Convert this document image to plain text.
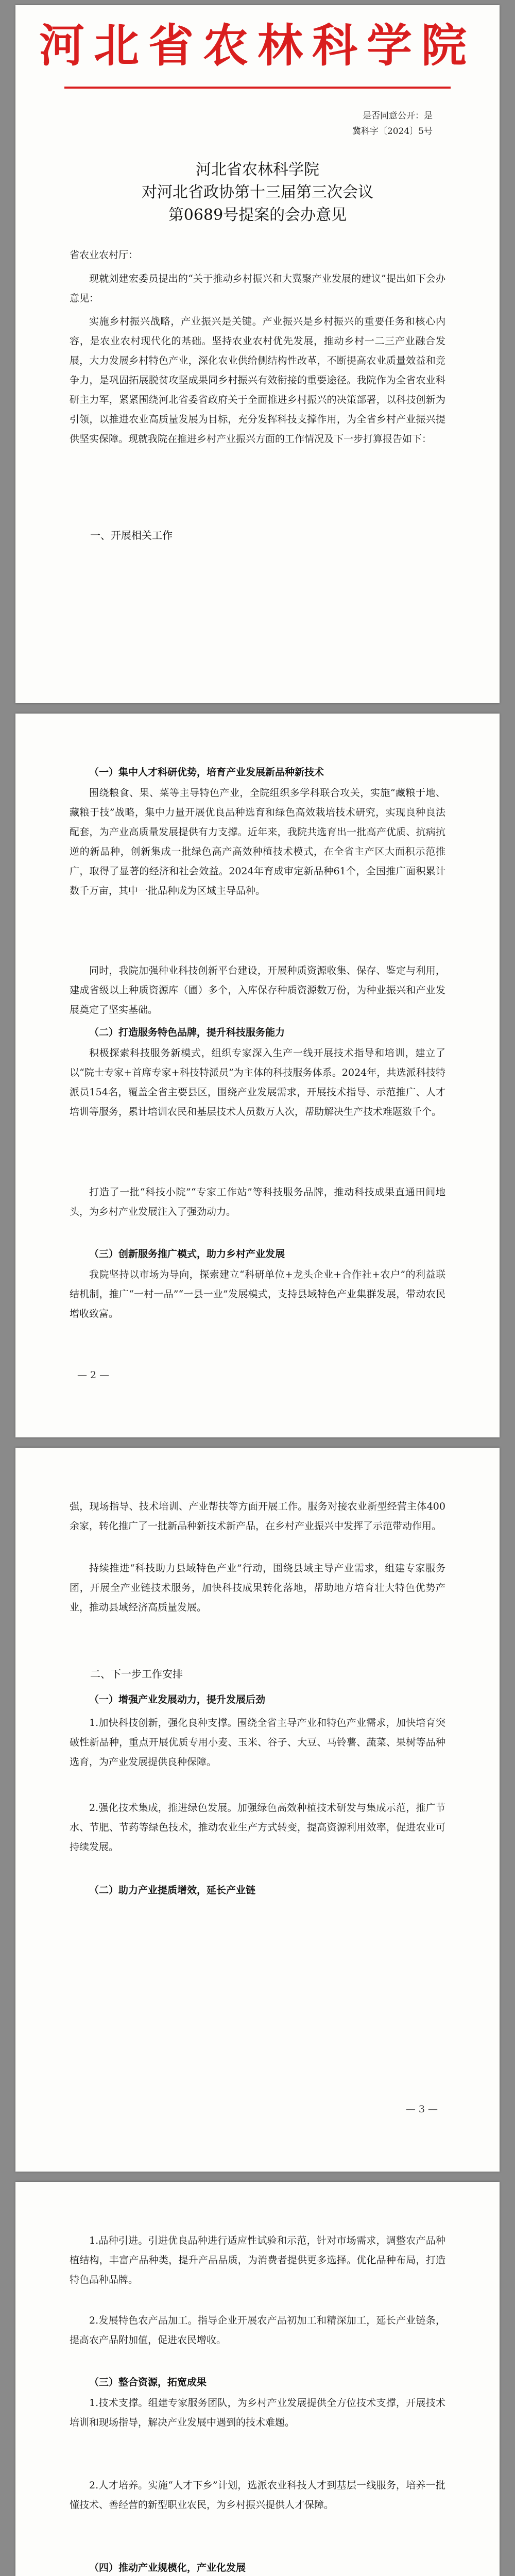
河北省农林科学院
是否同意公开：是
冀科字〔2024〕5号
河北省农林科学院
对河北省政协第十三届第三次会议
第0689号提案的会办意见
省农业农村厅：
现就刘建宏委员提出的“关于推动乡村振兴和大冀聚产业发展的建议”提出如下会办意见：
实施乡村振兴战略，产业振兴是关键。产业振兴是乡村振兴的重要任务和核心内容，是农业农村现代化的基础。坚持农业农村优先发展，推动乡村一二三产业融合发展，大力发展乡村特色产业，深化农业供给侧结构性改革，不断提高农业质量效益和竞争力，是巩固拓展脱贫攻坚成果同乡村振兴有效衔接的重要途径。我院作为全省农业科研主力军，紧紧围绕河北省委省政府关于全面推进乡村振兴的决策部署，以科技创新为引领，以推进农业高质量发展为目标，充分发挥科技支撑作用，为全省乡村产业振兴提供坚实保障。现就我院在推进乡村产业振兴方面的工作情况及下一步打算报告如下：
一、开展相关工作
（一）集中人才科研优势，培育产业发展新品种新技术
围绕粮食、果、菜等主导特色产业，全院组织多学科联合攻关，实施“藏粮于地、藏粮于技”战略，集中力量开展优良品种选育和绿色高效栽培技术研究，实现良种良法配套，为产业高质量发展提供有力支撑。近年来，我院共选育出一批高产优质、抗病抗逆的新品种，创新集成一批绿色高产高效种植技术模式，在全省主产区大面积示范推广，取得了显著的经济和社会效益。2024年育成审定新品种61个，全国推广面积累计数千万亩，其中一批品种成为区域主导品种。
同时，我院加强种业科技创新平台建设，开展种质资源收集、保存、鉴定与利用，建成省级以上种质资源库（圃）多个，入库保存种质资源数万份，为种业振兴和产业发展奠定了坚实基础。
（二）打造服务特色品牌，提升科技服务能力
积极探索科技服务新模式，组织专家深入生产一线开展技术指导和培训，建立了以“院士专家+首席专家+科技特派员”为主体的科技服务体系。2024年，共选派科技特派员154名，覆盖全省主要县区，围绕产业发展需求，开展技术指导、示范推广、人才培训等服务，累计培训农民和基层技术人员数万人次，帮助解决生产技术难题数千个。
打造了一批“科技小院”“专家工作站”等科技服务品牌，推动科技成果直通田间地头，为乡村产业发展注入了强劲动力。
（三）创新服务推广模式，助力乡村产业发展
我院坚持以市场为导向，探索建立“科研单位+龙头企业+合作社+农户”的利益联结机制，推广“一村一品”“一县一业”发展模式，支持县域特色产业集群发展，带动农民增收致富。
— 2 —
强，现场指导、技术培训、产业帮扶等方面开展工作。服务对接农业新型经营主体400余家，转化推广了一批新品种新技术新产品，在乡村产业振兴中发挥了示范带动作用。
持续推进“科技助力县域特色产业”行动，围绕县域主导产业需求，组建专家服务团，开展全产业链技术服务，加快科技成果转化落地，帮助地方培育壮大特色优势产业，推动县域经济高质量发展。
二、下一步工作安排
（一）增强产业发展动力，提升发展后劲
1.加快科技创新，强化良种支撑。围绕全省主导产业和特色产业需求，加快培育突破性新品种，重点开展优质专用小麦、玉米、谷子、大豆、马铃薯、蔬菜、果树等品种选育，为产业发展提供良种保障。
2.强化技术集成，推进绿色发展。加强绿色高效种植技术研发与集成示范，推广节水、节肥、节药等绿色技术，推动农业生产方式转变，提高资源利用效率，促进农业可持续发展。
（二）助力产业提质增效，延长产业链
— 3 —
1.品种引进。引进优良品种进行适应性试验和示范，针对市场需求，调整农产品种植结构，丰富产品种类，提升产品品质，为消费者提供更多选择。优化品种布局，打造特色品种品牌。
2.发展特色农产品加工。指导企业开展农产品初加工和精深加工，延长产业链条，提高农产品附加值，促进农民增收。
（三）整合资源，拓宽成果
1.技术支撑。组建专家服务团队，为乡村产业发展提供全方位技术支撑，开展技术培训和现场指导，解决产业发展中遇到的技术难题。
2.人才培养。实施“人才下乡”计划，选派农业科技人才到基层一线服务，培养一批懂技术、善经营的新型职业农民，为乡村振兴提供人才保障。
（四）推动产业规模化，产业化发展
